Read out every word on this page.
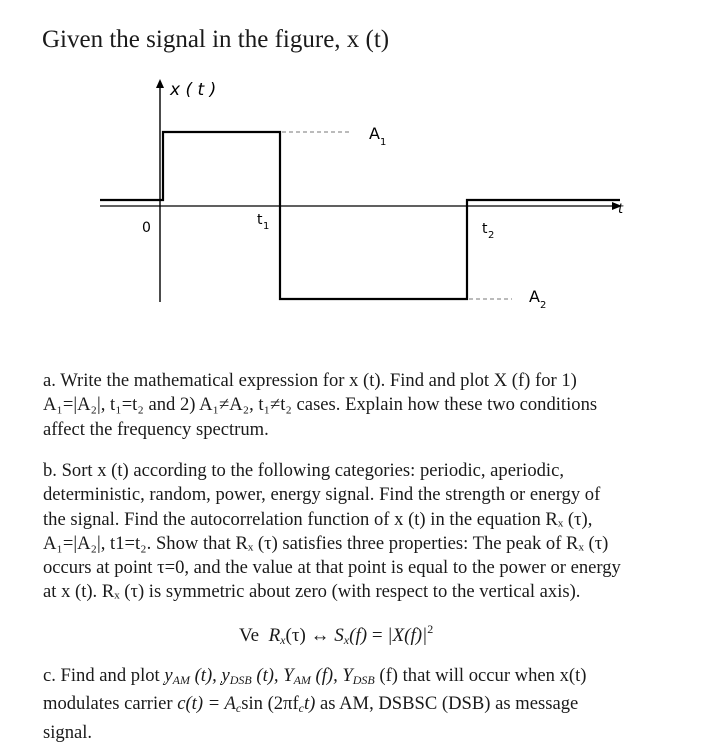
Given the signal in the figure, x (t)
x ( t )
t
0	t 1	t 2
A 1
A 2
a. Write the mathematical expression for x (t). Find and plot X (f) for 1)
A₁=|A₂|, t₁=t₂ and 2) A₁≠A₂, t₁≠t₂ cases. Explain how these two conditions
affect the frequency spectrum.
b. Sort x (t) according to the following categories: periodic, aperiodic,
deterministic, random, power, energy signal. Find the strength or energy of
the signal. Find the autocorrelation function of x (t) in the equation Rₓ (τ),
A₁=|A₂|, t1=t₂. Show that Rₓ (τ) satisfies three properties: The peak of Rₓ (τ)
occurs at point τ=0, and the value at that point is equal to the power or energy
at x (t). Rₓ (τ) is symmetric about zero (with respect to the vertical axis).
Ve $R_x(\tau)$ ↔ $S_x(f) = |X(f)|^2$
c. Find and plot $y_{AM}$ (t), $y_{DSB}$ (t), $Y_{AM}$ (f), $Y_{DSB}$ (f) that will occur when x(t)
modulates carrier $c(t) = A_c\sin$ $(2\pi f_ct)$ as AM, DSBSC (DSB) as message
signal.
